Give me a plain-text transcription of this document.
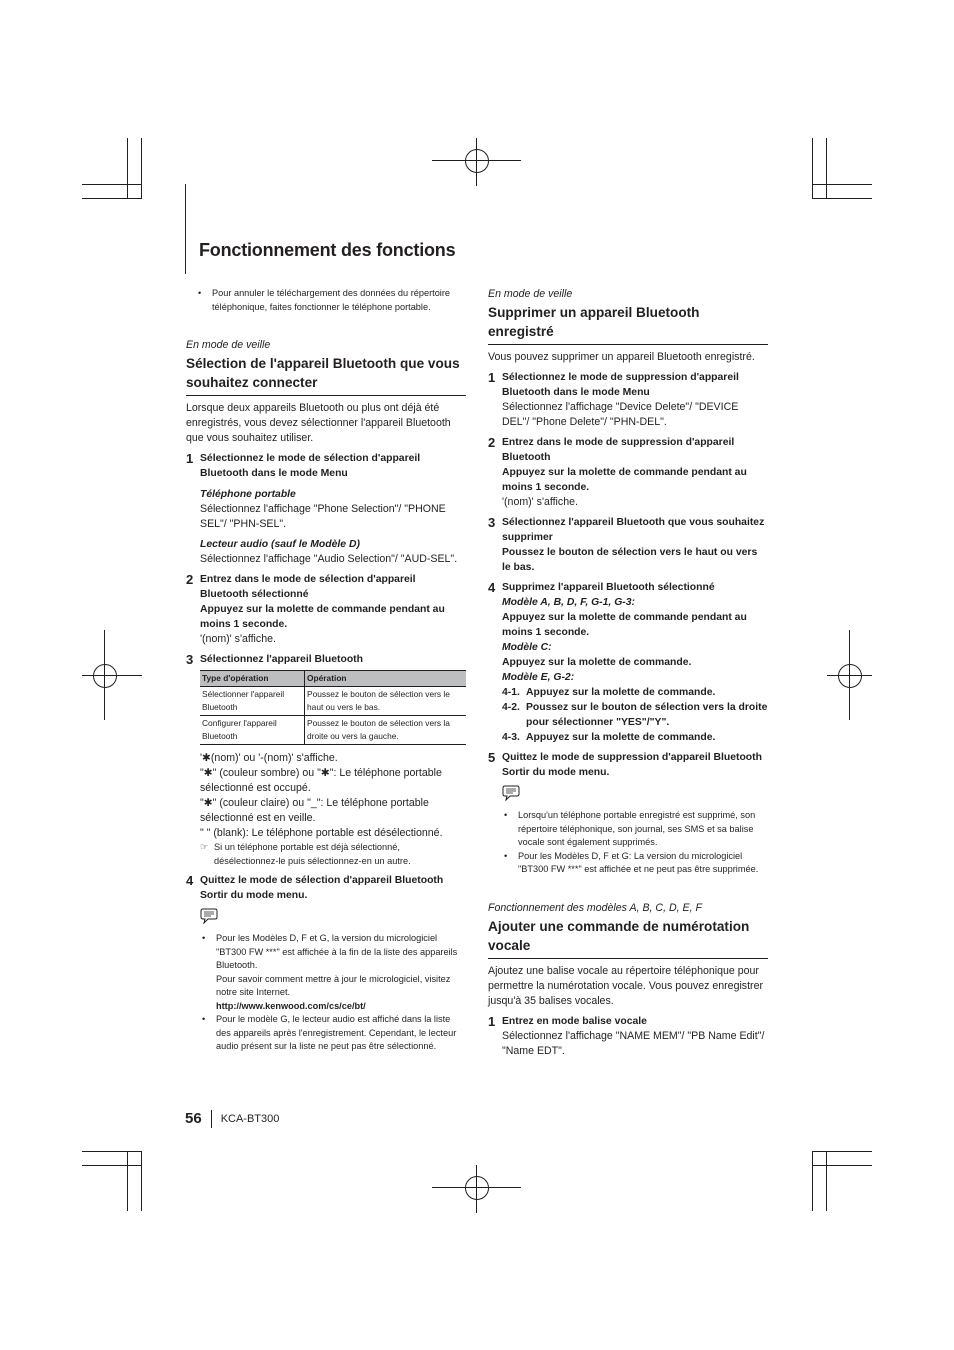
Fonctionnement des fonctions
•	Pour annuler le téléchargement des données du répertoire téléphonique, faites fonctionner le téléphone portable.
En mode de veille
Sélection de l'appareil Bluetooth que vous souhaitez connecter
Lorsque deux appareils Bluetooth ou plus ont déjà été enregistrés, vous devez sélectionner l'appareil Bluetooth que vous souhaitez utiliser.
1 Sélectionnez le mode de sélection d'appareil Bluetooth dans le mode Menu
Téléphone portable
Sélectionnez l'affichage "Phone Selection"/ "PHONE SEL"/ "PHN-SEL".
Lecteur audio (sauf le Modèle D)
Sélectionnez l'affichage "Audio Selection"/ "AUD-SEL".
2 Entrez dans le mode de sélection d'appareil Bluetooth sélectionné
Appuyez sur la molette de commande pendant au moins 1 seconde.
'(nom)' s'affiche.
3 Sélectionnez l'appareil Bluetooth
Type d'opération	Opération
Sélectionner l'appareil Bluetooth	Poussez le bouton de sélection vers le haut ou vers le bas.
Configurer l'appareil Bluetooth	Poussez le bouton de sélection vers la droite ou vers la gauche.
'✱(nom)' ou '-(nom)' s'affiche.
"✱" (couleur sombre) ou "✱": Le téléphone portable sélectionné est occupé.
"✱" (couleur claire) ou "_": Le téléphone portable sélectionné est en veille.
" " (blank): Le téléphone portable est désélectionné.
☞ Si un téléphone portable est déjà sélectionné, désélectionnez-le puis sélectionnez-en un autre.
4 Quittez le mode de sélection d'appareil Bluetooth
Sortir du mode menu.
•	Pour les Modèles D, F et G, la version du micrologiciel "BT300 FW ***" est affichée à la fin de la liste des appareils Bluetooth.
Pour savoir comment mettre à jour le micrologiciel, visitez notre site Internet.
http://www.kenwood.com/cs/ce/bt/
•	Pour le modèle G, le lecteur audio est affiché dans la liste des appareils après l'enregistrement. Cependant, le lecteur audio présent sur la liste ne peut pas être sélectionné.
En mode de veille
Supprimer un appareil Bluetooth enregistré
Vous pouvez supprimer un appareil Bluetooth enregistré.
1 Sélectionnez le mode de suppression d'appareil Bluetooth dans le mode Menu
Sélectionnez l'affichage "Device Delete"/ "DEVICE DEL"/ "Phone Delete"/ "PHN-DEL".
2 Entrez dans le mode de suppression d'appareil Bluetooth
Appuyez sur la molette de commande pendant au moins 1 seconde.
'(nom)' s'affiche.
3 Sélectionnez l'appareil Bluetooth que vous souhaitez supprimer
Poussez le bouton de sélection vers le haut ou vers le bas.
4 Supprimez l'appareil Bluetooth sélectionné
Modèle A, B, D, F, G-1, G-3:
Appuyez sur la molette de commande pendant au moins 1 seconde.
Modèle C:
Appuyez sur la molette de commande.
Modèle E, G-2:
4-1. Appuyez sur la molette de commande.
4-2. Poussez sur le bouton de sélection vers la droite pour sélectionner "YES"/"Y".
4-3. Appuyez sur la molette de commande.
5 Quittez le mode de suppression d'appareil Bluetooth
Sortir du mode menu.
•	Lorsqu'un téléphone portable enregistré est supprimé, son répertoire téléphonique, son journal, ses SMS et sa balise vocale sont également supprimés.
•	Pour les Modèles D, F et G: La version du micrologiciel "BT300 FW ***" est affichée et ne peut pas être supprimée.
Fonctionnement des modèles A, B, C, D, E, F
Ajouter une commande de numérotation vocale
Ajoutez une balise vocale au répertoire téléphonique pour permettre la numérotation vocale. Vous pouvez enregistrer jusqu'à 35 balises vocales.
1 Entrez en mode balise vocale
Sélectionnez l'affichage "NAME MEM"/ "PB Name Edit"/ "Name EDT".
56	KCA-BT300
